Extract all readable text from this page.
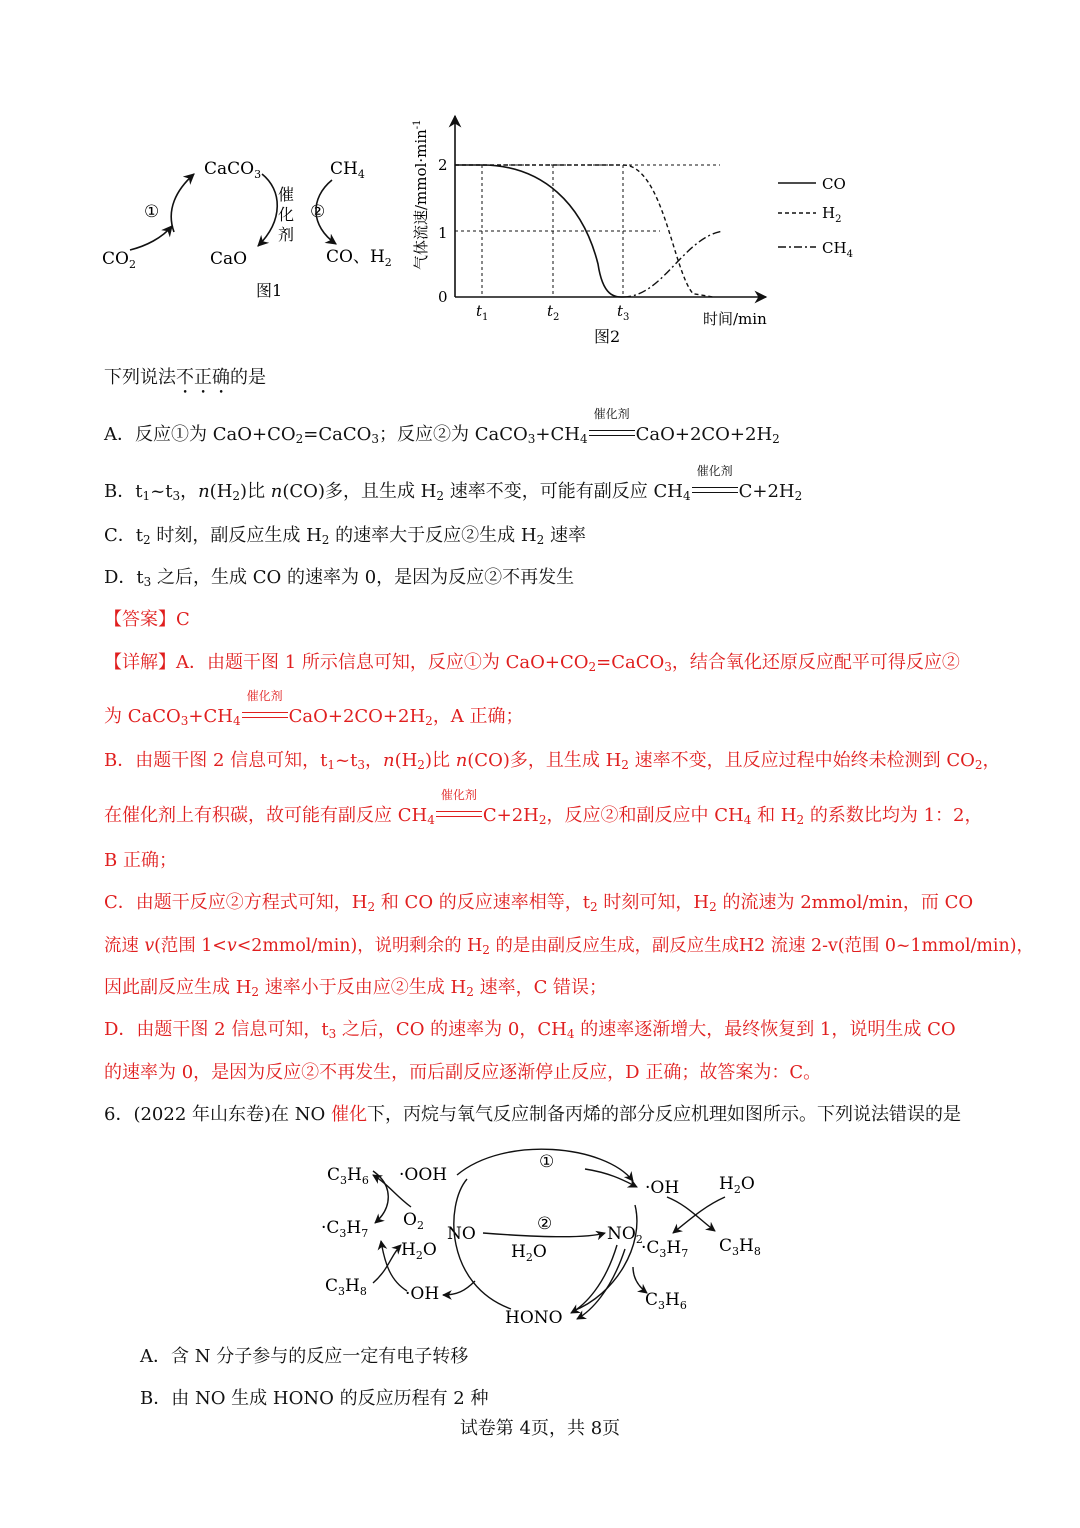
CaCO$_3$	$CH_4$
$CO_2$	CaO	CO、$H_2$
①	②
催
化
剂
图1	0
1
2
$t_1$	$t_2$	$t_3$	时间/min
气体流速$/mmol\cdot\min^{-1}$
CO
$H_2$
$CH_4$
图2
下列说法不正确的是
A．反应①为 $CaO+CO_2=CaCO_3$；反应②为 $CaCO_3+CH_4$
催化剂
$CaO+2CO+2H_2$
B．$t_1\sim t_3$，$n(H_2)$比 n(CO)多，且生成 $H_2$ 速率不变，可能有副反应 $CH_4$
催化剂
$C+2H_2$
C．$t_2$ 时刻，副反应生成 $H_2$ 的速率大于反应②生成 $H_2$ 速率
D．$t_3$ 之后，生成 CO 的速率为 0，是因为反应②不再发生
【答案】C
【详解】A．由题干图 1 所示信息可知，反应①为 $CaO+CO_2=CaCO_3$，结合氧化还原反应配平可得反应②
为 $CaCO_3+CH_4$
催化剂
$CaO+2CO+2H_2$，A 正确；
B．由题干图 2 信息可知，$t_1\sim t_3$，$n(H_2)$比 n(CO)多，且生成 $H_2$ 速率不变，且反应过程中始终未检测到 $CO_2$，
在催化剂上有积碳，故可能有副反应 $CH_4$
催化剂
$C+2H_2$，反应②和副反应中 $CH_4$ 和 $H_2$ 的系数比均为 1：2，
B 正确；
C．由题干反应②方程式可知，$H_2$ 和 CO 的反应速率相等，$t_2$ 时刻可知，$H_2$ 的流速为 2mmol/min，而 CO
流速 v(范围 1<v<2mmol/min)，说明剩余的 $H_2$ 的是由副反应生成，副反应生成H2 流速 2-v(范围 0~1mmol/min)，
因此副反应生成 $H_2$ 速率小于反由应②生成 $H_2$ 速率，C 错误；
D．由题干图 2 信息可知，$t_3$ 之后，CO 的速率为 0，$CH_4$ 的速率逐渐增大，最终恢复到 1，说明生成 CO
的速率为 0，是因为反应②不再发生，而后副反应逐渐停止反应，D 正确；故答案为：C。
6．(2022 年山东卷)在 NO 催化下，丙烷与氧气反应制备丙烯的部分反应机理如图所示。下列说法错误的是
$C_3H_6 \cdot OOH$
$\cdot C_3H_7$
$O_2$
$H_2O$
$C_3H_8 \cdot OH$
NO
HONO
$H_2O$
$NO_2$
·OH $H_2O$
$\cdot C_3H_7$ $C_3H_8$
$C_3H_6$
①
②
A．含 N 分子参与的反应一定有电子转移
B．由 NO 生成 HONO 的反应历程有 2 种
试卷第 4页，共 8页
